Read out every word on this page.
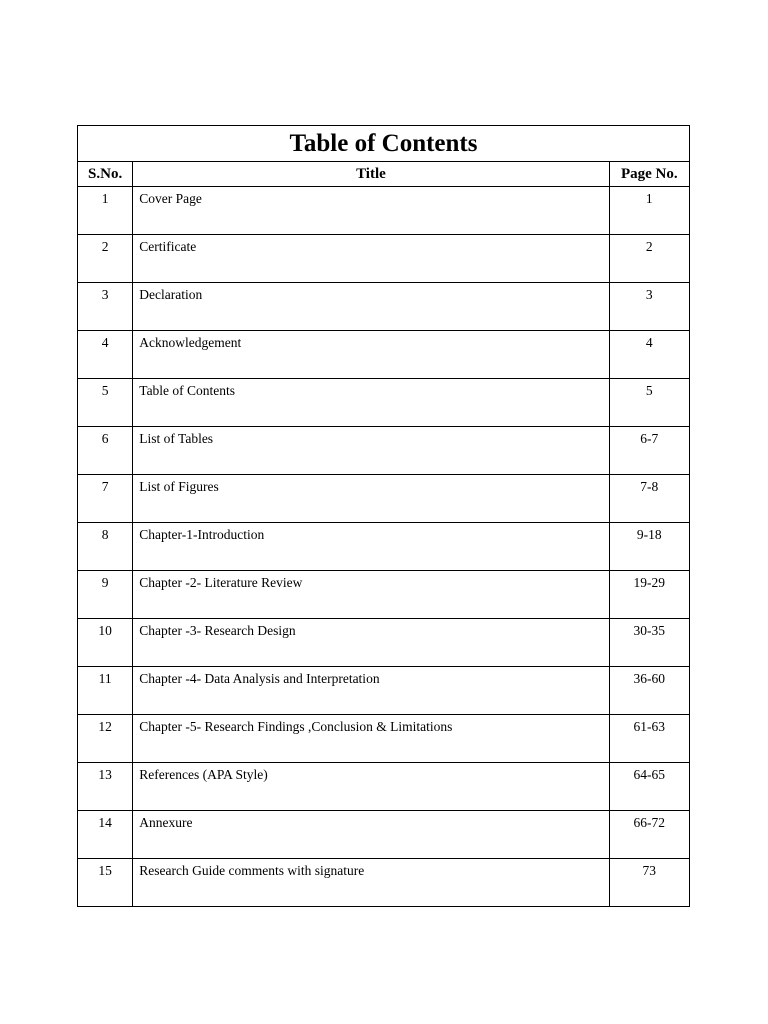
Table of Contents		
S.No.	Title	Page No.
1	Cover Page	1
2	Certificate	2
3	Declaration	3
4	Acknowledgement	4
5	Table of Contents	5
6	List of Tables	6-7
7	List of Figures	7-8
8	Chapter-1-Introduction	9-18
9	Chapter -2- Literature Review	19-29
10	Chapter -3- Research Design	30-35
11	Chapter -4- Data Analysis and Interpretation	36-60
12	Chapter -5- Research Findings ,Conclusion & Limitations	61-63
13	References (APA Style)	64-65
14	Annexure	66-72
15	Research Guide comments with signature	73
